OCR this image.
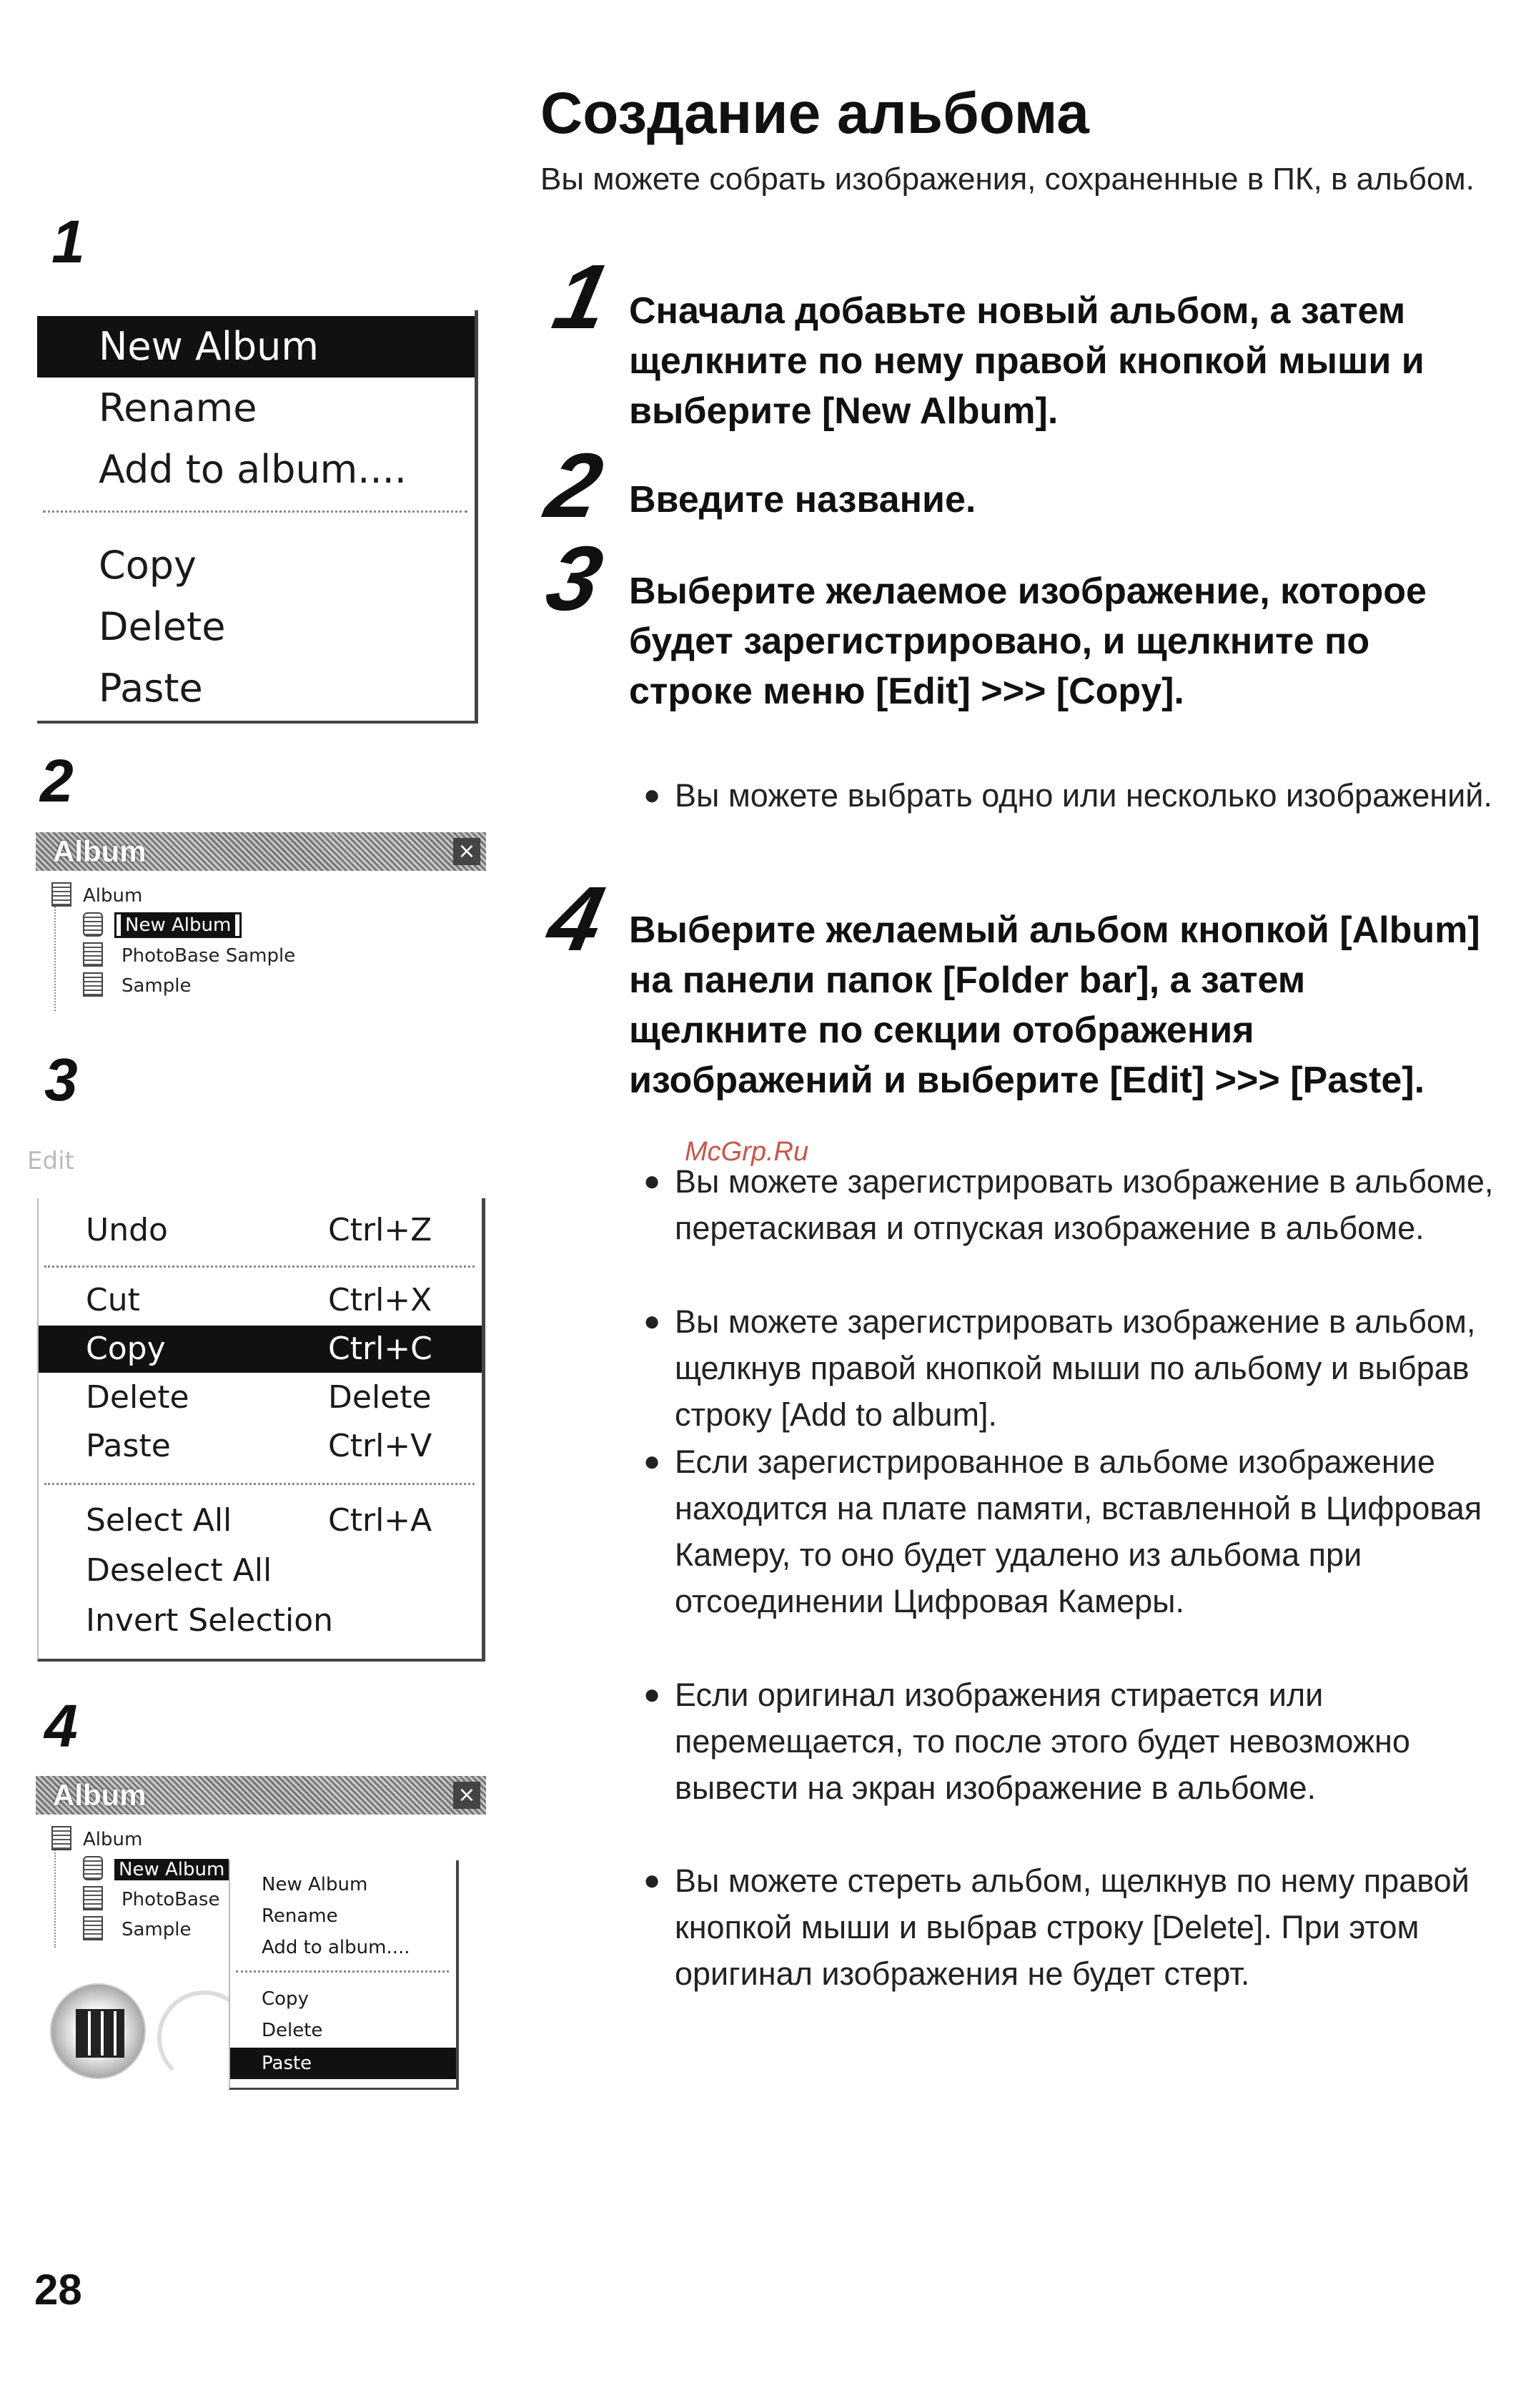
1
New Album
Rename
Add to album....
Copy
Delete
Paste
2
Album	×
Album
New Album
PhotoBase Sample
Sample
3
Edit
Undo	Ctrl+Z
Cut	Ctrl+X
Copy	Ctrl+C
Delete	Delete
Paste	Ctrl+V
Select All	Ctrl+A
Deselect All
Invert Selection
4
Album	×
Album
New Album
PhotoBase
Sample
New Album
Rename
Add to album....
Copy
Delete
Paste
Создание альбома
Вы можете собрать изображения, сохраненные в ПК, в альбом.
1 Сначала добавьте новый альбом, а затем щелкните по нему правой кнопкой мыши и выберите [New Album].
2 Введите название.
3 Выберите желаемое изображение, которое будет зарегистрировано, и щелкните по строке меню [Edit] >>> [Copy].
● Вы можете выбрать одно или несколько изображений.
4 Выберите желаемый альбом кнопкой [Album] на панели папок [Folder bar], а затем щелкните по секции отображения изображений и выберите [Edit] >>> [Paste].
● Вы можете зарегистрировать изображение в альбоме, перетаскивая и отпуская изображение в альбоме.
● Вы можете зарегистрировать изображение в альбом, щелкнув правой кнопкой мыши по альбому и выбрав строку [Add to album].
● Если зарегистрированное в альбоме изображение находится на плате памяти, вставленной в Цифровая Камеру, то оно будет удалено из альбома при отсоединении Цифровая Камеры.
● Если оригинал изображения стирается или перемещается, то после этого будет невозможно вывести на экран изображение в альбоме.
● Вы можете стереть альбом, щелкнув по нему правой кнопкой мыши и выбрав строку [Delete]. При этом оригинал изображения не будет стерт.
McGrp.Ru
28
